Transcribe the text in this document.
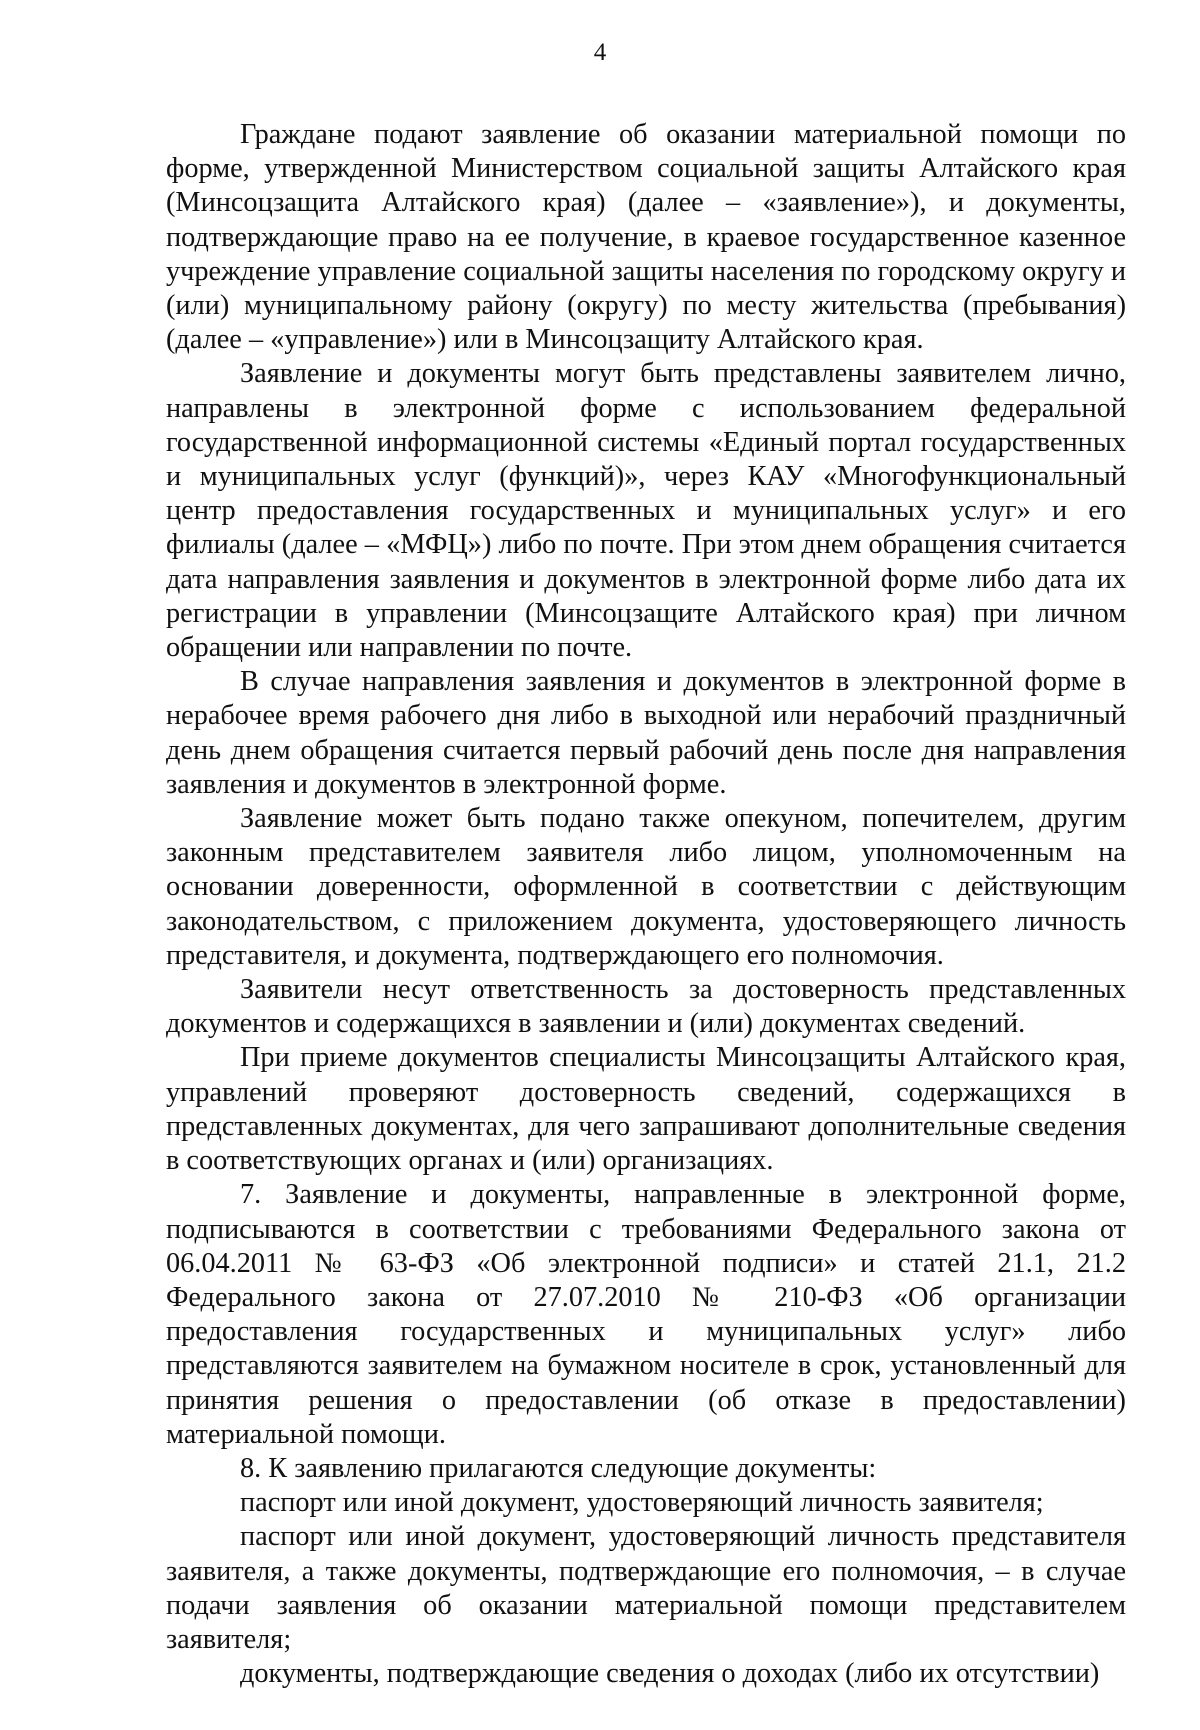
4

Граждане подают заявление об оказании материальной помощи по форме, утвержденной Министерством социальной защиты Алтайского края (Минсоцзащита Алтайского края) (далее – «заявление»), и документы, подтверждающие право на ее получение, в краевое государственное казенное учреждение управление социальной защиты населения по городскому округу и (или) муниципальному району (округу) по месту жительства (пребывания) (далее – «управление») или в Минсоцзащиту Алтайского края.

Заявление и документы могут быть представлены заявителем лично, направлены в электронной форме с использованием федеральной государственной информационной системы «Единый портал государственных и муниципальных услуг (функций)», через КАУ «Многофункциональный центр предоставления государственных и муниципальных услуг» и его филиалы (далее – «МФЦ») либо по почте. При этом днем обращения считается дата направления заявления и документов в электронной форме либо дата их регистрации в управлении (Минсоцзащите Алтайского края) при личном обращении или направлении по почте.

В случае направления заявления и документов в электронной форме в нерабочее время рабочего дня либо в выходной или нерабочий праздничный день днем обращения считается первый рабочий день после дня направления заявления и документов в электронной форме.

Заявление может быть подано также опекуном, попечителем, другим законным представителем заявителя либо лицом, уполномоченным на основании доверенности, оформленной в соответствии с действующим законодательством, с приложением документа, удостоверяющего личность представителя, и документа, подтверждающего его полномочия.

Заявители несут ответственность за достоверность представленных документов и содержащихся в заявлении и (или) документах сведений.

При приеме документов специалисты Минсоцзащиты Алтайского края, управлений проверяют достоверность сведений, содержащихся в представленных документах, для чего запрашивают дополнительные сведения в соответствующих органах и (или) организациях.

7. Заявление и документы, направленные в электронной форме, подписываются в соответствии с требованиями Федерального закона от 06.04.2011 № 63-ФЗ «Об электронной подписи» и статей 21.1, 21.2 Федерального закона от 27.07.2010 № 210-ФЗ «Об организации предоставления государственных и муниципальных услуг» либо представляются заявителем на бумажном носителе в срок, установленный для принятия решения о предоставлении (об отказе в предоставлении) материальной помощи.

8. К заявлению прилагаются следующие документы:

паспорт или иной документ, удостоверяющий личность заявителя;

паспорт или иной документ, удостоверяющий личность представителя заявителя, а также документы, подтверждающие его полномочия, – в случае подачи заявления об оказании материальной помощи представителем заявителя;

документы, подтверждающие сведения о доходах (либо их отсутствии)
